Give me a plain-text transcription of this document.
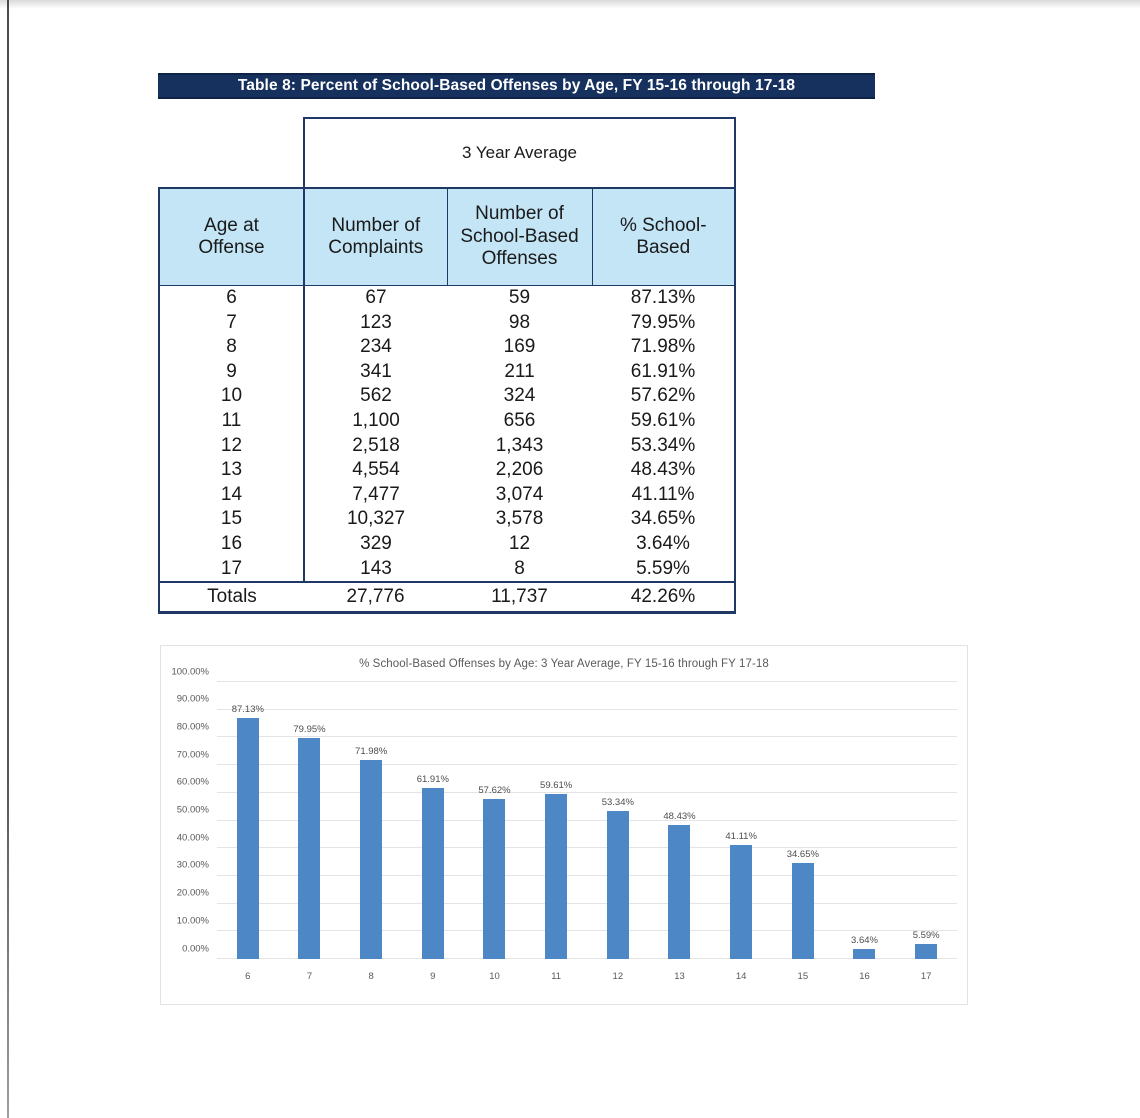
Table 8: Percent of School-Based Offenses by Age, FY 15-16 through 17-18
	3 Year Average		

Age at
Offense

Number of
Complaints

Number of
School-Based
Offenses

% School-
Based

6	67	59	87.13%
7	123	98	79.95%
8	234	169	71.98%
9	341	211	61.91%
10	562	324	57.62%
11	1,100	656	59.61%
12	2,518	1,343	53.34%
13	4,554	2,206	48.43%
14	7,477	3,074	41.11%
15	10,327	3,578	34.65%
16	329	12	3.64%
17	143	8	5.59%
Totals	27,776	11,737	42.26%
% School-Based Offenses by Age: 3 Year Average, FY 15-16 through FY 17-18
0.00%
10.00%
20.00%
30.00%
40.00%
50.00%
60.00%
70.00%
80.00%
90.00%
100.00%
87.13%
6
79.95%
7
71.98%
8
61.91%
9
57.62%
10
59.61%
11
53.34%
12
48.43%
13
41.11%
14
34.65%
15
3.64%
16
5.59%
17
